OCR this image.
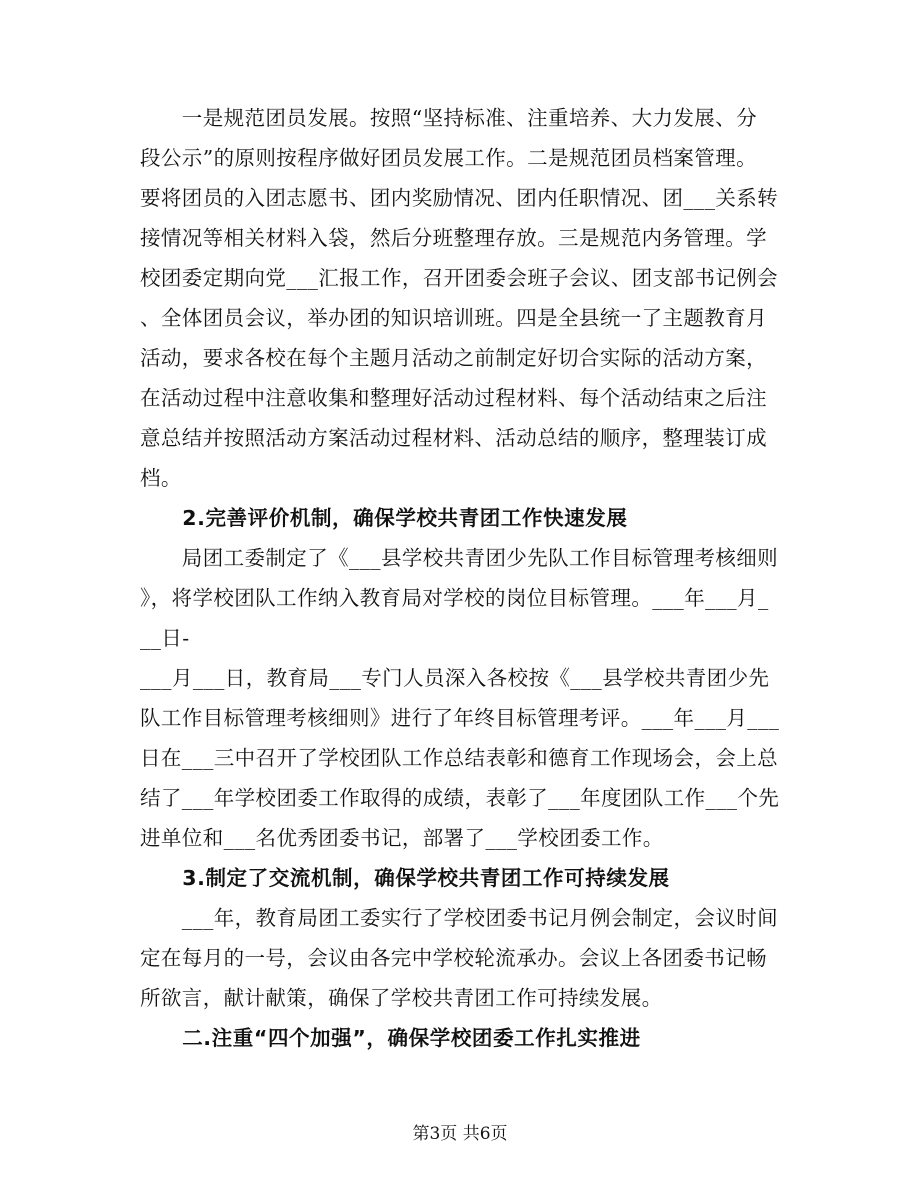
　　一是规范团员发展。按照“坚持标准、注重培养、大力发展、分
段公示”的原则按程序做好团员发展工作。二是规范团员档案管理。
要将团员的入团志愿书、团内奖励情况、团内任职情况、团___关系转
接情况等相关材料入袋，然后分班整理存放。三是规范内务管理。学
校团委定期向党___汇报工作，召开团委会班子会议、团支部书记例会
、全体团员会议，举办团的知识培训班。四是全县统一了主题教育月
活动，要求各校在每个主题月活动之前制定好切合实际的活动方案，
在活动过程中注意收集和整理好活动过程材料、每个活动结束之后注
意总结并按照活动方案活动过程材料、活动总结的顺序，整理装订成
档。
　　2.完善评价机制，确保学校共青团工作快速发展
　　局团工委制定了《___县学校共青团少先队工作目标管理考核细则
》，将学校团队工作纳入教育局对学校的岗位目标管理。___年___月_
__日-
___月___日，教育局___专门人员深入各校按《___县学校共青团少先
队工作目标管理考核细则》进行了年终目标管理考评。___年___月___
日在___三中召开了学校团队工作总结表彰和德育工作现场会，会上总
结了___年学校团委工作取得的成绩，表彰了___年度团队工作___个先
进单位和___名优秀团委书记，部署了___学校团委工作。
　　3.制定了交流机制，确保学校共青团工作可持续发展
　　___年，教育局团工委实行了学校团委书记月例会制定，会议时间
定在每月的一号，会议由各完中学校轮流承办。会议上各团委书记畅
所欲言，献计献策，确保了学校共青团工作可持续发展。
　　二.注重“四个加强”，确保学校团委工作扎实推进
第3页 共6页
